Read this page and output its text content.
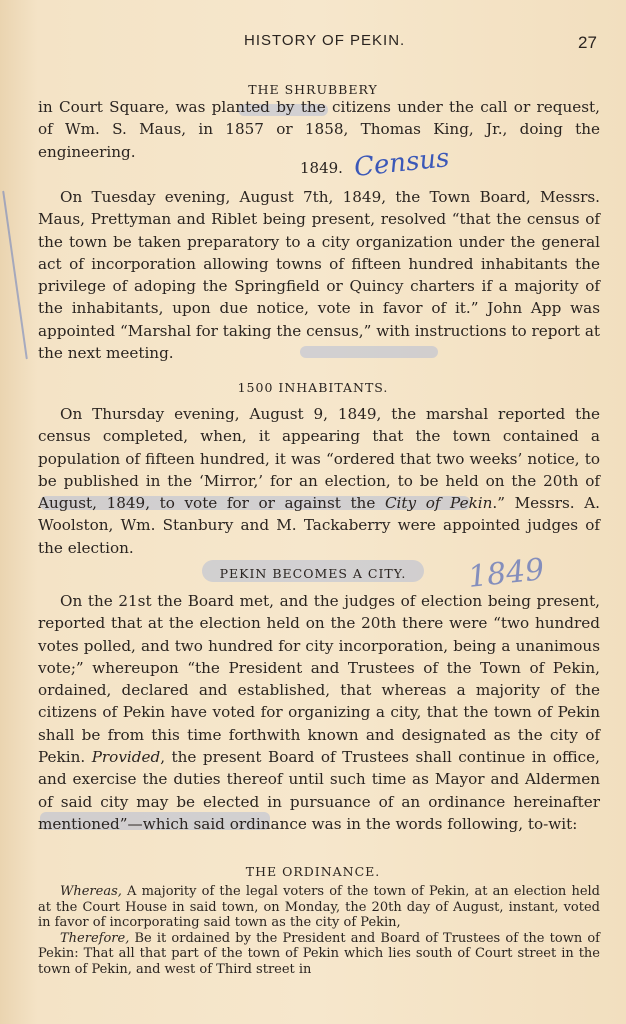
HISTORY OF PEKIN.	27
THE SHRUBBERY

in Court Square, was planted by the citizens under the call or request, of Wm. S. Maus, in 1857 or 1858, Thomas King, Jr., doing the engineering.

1849. Census

On Tuesday evening, August 7th, 1849, the Town Board, Messrs. Maus, Prettyman and Riblet being present, resolved “that the census of the town be taken preparatory to a city organization under the general act of incorporation allowing towns of fifteen hundred inhabitants the privilege of adoping the Springfield or Quincy charters if a majority of the inhabitants, upon due notice, vote in favor of it.” John App was appointed “Marshal for taking the census,” with instructions to report at the next meeting.

1500 INHABITANTS.

On Thursday evening, August 9, 1849, the marshal reported the census completed, when, it appearing that the town contained a population of fifteen hundred, it was “ordered that two weeks’ notice, to be published in the ‘Mirror,’ for an election, to be held on the 20th of August, 1849, to vote for or against the City of Pekin.” Messrs. A. Woolston, Wm. Stanbury and M. Tackaberry were appointed judges of the election.

PEKIN BECOMES A CITY.	1849

On the 21st the Board met, and the judges of election being present, reported that at the election held on the 20th there were “two hundred votes polled, and two hundred for city incorporation, being a unanimous vote;” whereupon “the President and Trustees of the Town of Pekin, ordained, declared and established, that whereas a majority of the citizens of Pekin have voted for organizing a city, that the town of Pekin shall be from this time forthwith known and designated as the city of Pekin. Provided, the present Board of Trustees shall continue in office, and exercise the duties thereof until such time as Mayor and Aldermen of said city may be elected in pursuance of an ordinance hereinafter mentioned”—which said ordinance was in the words following, to-wit:

THE ORDINANCE.

Whereas, A majority of the legal voters of the town of Pekin, at an election held at the Court House in said town, on Monday, the 20th day of August, instant, voted in favor of incorporating said town as the city of Pekin,

Therefore, Be it ordained by the President and Board of Trustees of the town of Pekin: That all that part of the town of Pekin which lies south of Court street in the town of Pekin, and west of Third street in
